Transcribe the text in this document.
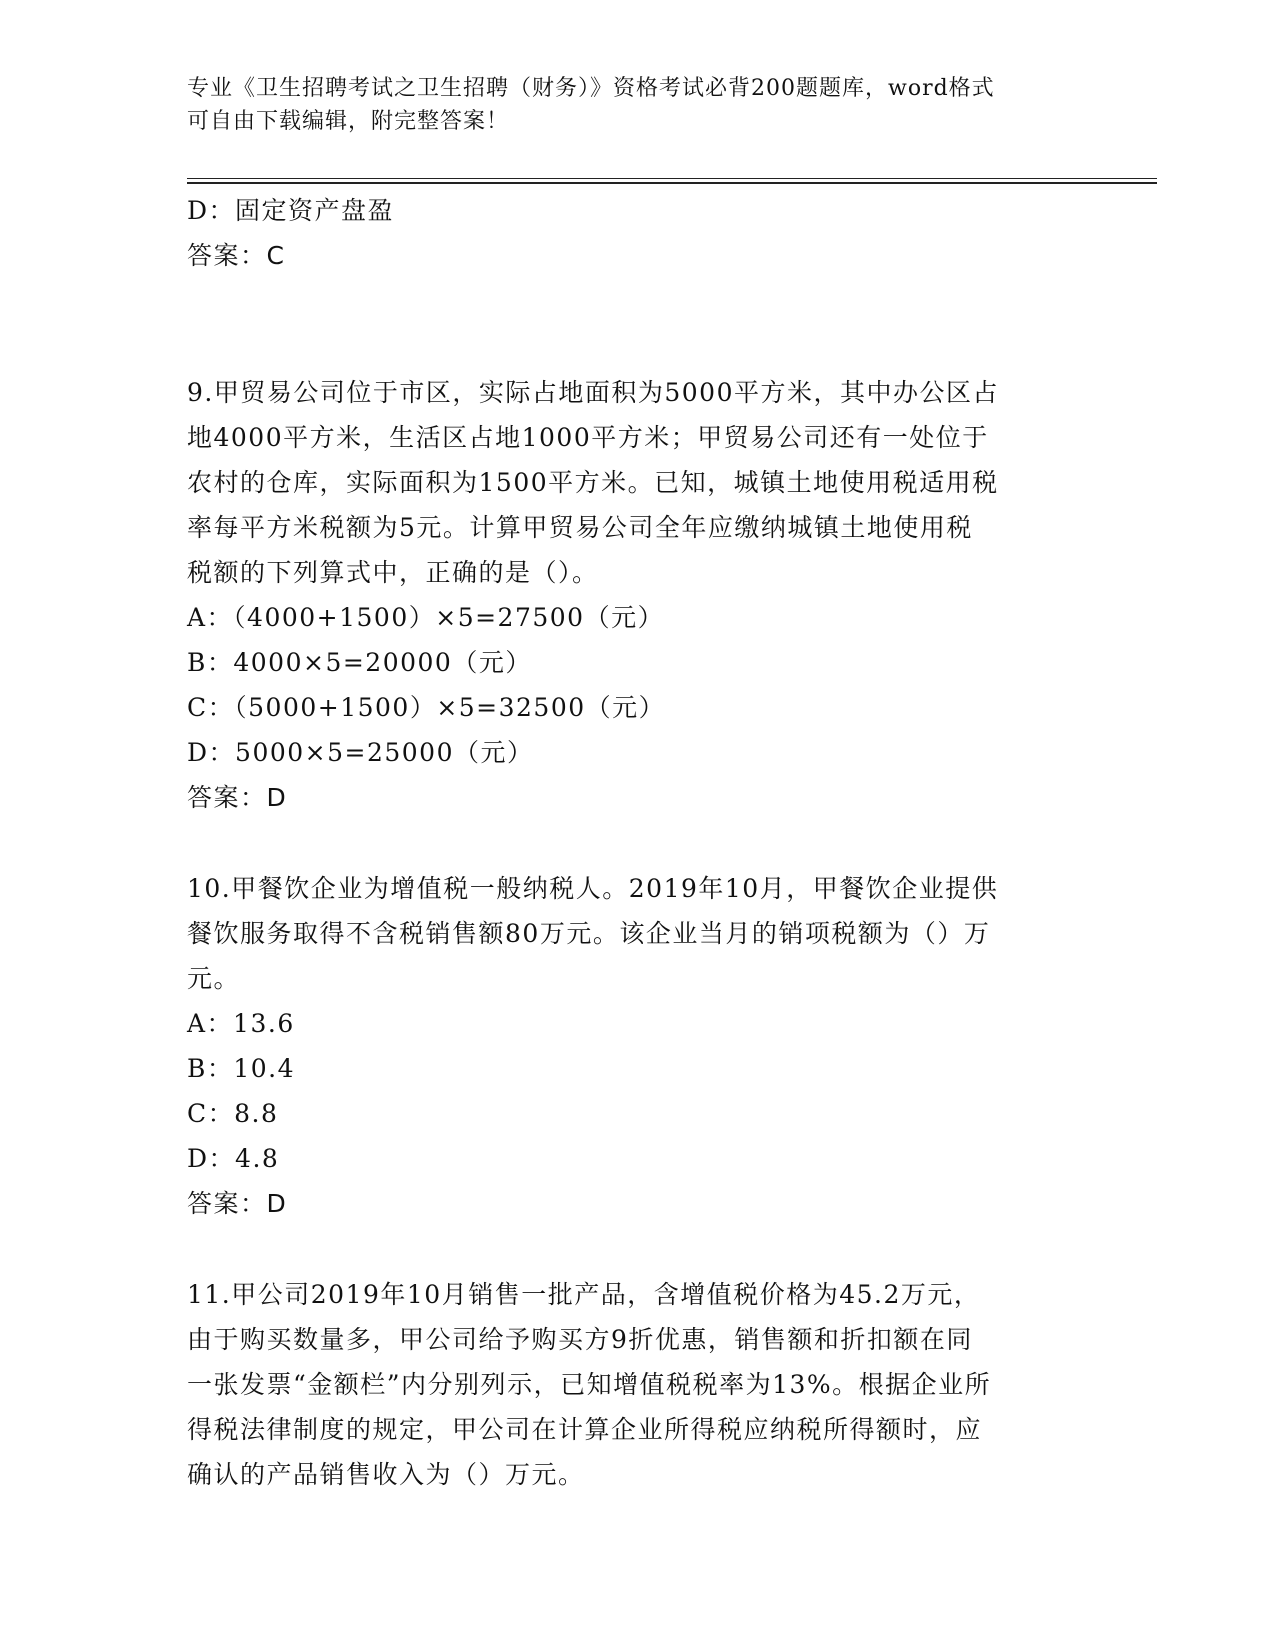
专业《卫生招聘考试之卫生招聘（财务）》资格考试必背200题题库，word格式
可自由下载编辑，附完整答案！
D：固定资产盘盈
答案：C
9.甲贸易公司位于市区，实际占地面积为5000平方米，其中办公区占
地4000平方米，生活区占地1000平方米；甲贸易公司还有一处位于
农村的仓库，实际面积为1500平方米。已知，城镇土地使用税适用税
率每平方米税额为5元。计算甲贸易公司全年应缴纳城镇土地使用税
税额的下列算式中，正确的是（）。
A：（4000+1500）×5=27500（元）
B：4000×5=20000（元）
C：（5000+1500）×5=32500（元）
D：5000×5=25000（元）
答案：D
10.甲餐饮企业为增值税一般纳税人。2019年10月，甲餐饮企业提供
餐饮服务取得不含税销售额80万元。该企业当月的销项税额为（）万
元。
A：13.6
B：10.4
C：8.8
D：4.8
答案：D
11.甲公司2019年10月销售一批产品，含增值税价格为45.2万元，
由于购买数量多，甲公司给予购买方9折优惠，销售额和折扣额在同
一张发票“金额栏”内分别列示，已知增值税税率为13%。根据企业所
得税法律制度的规定，甲公司在计算企业所得税应纳税所得额时，应
确认的产品销售收入为（）万元。
